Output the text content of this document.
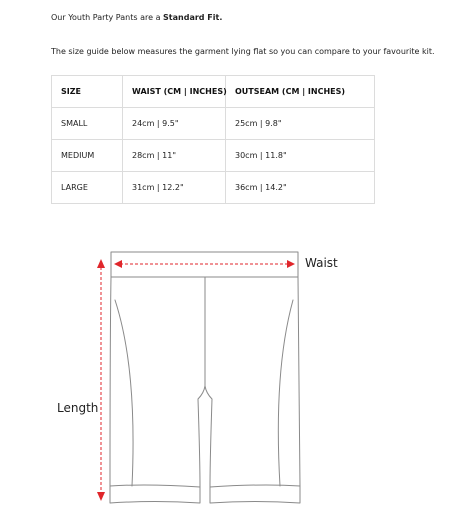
Our Youth Party Pants are a Standard Fit.

The size guide below measures the garment lying flat so you can compare to your favourite kit.

SIZE	WAIST (CM | INCHES)	OUTSEAM (CM | INCHES)
SMALL	24cm | 9.5"	25cm | 9.8"
MEDIUM	28cm | 11"	30cm | 11.8"
LARGE	31cm | 12.2"	36cm | 14.2"
Waist
Length
